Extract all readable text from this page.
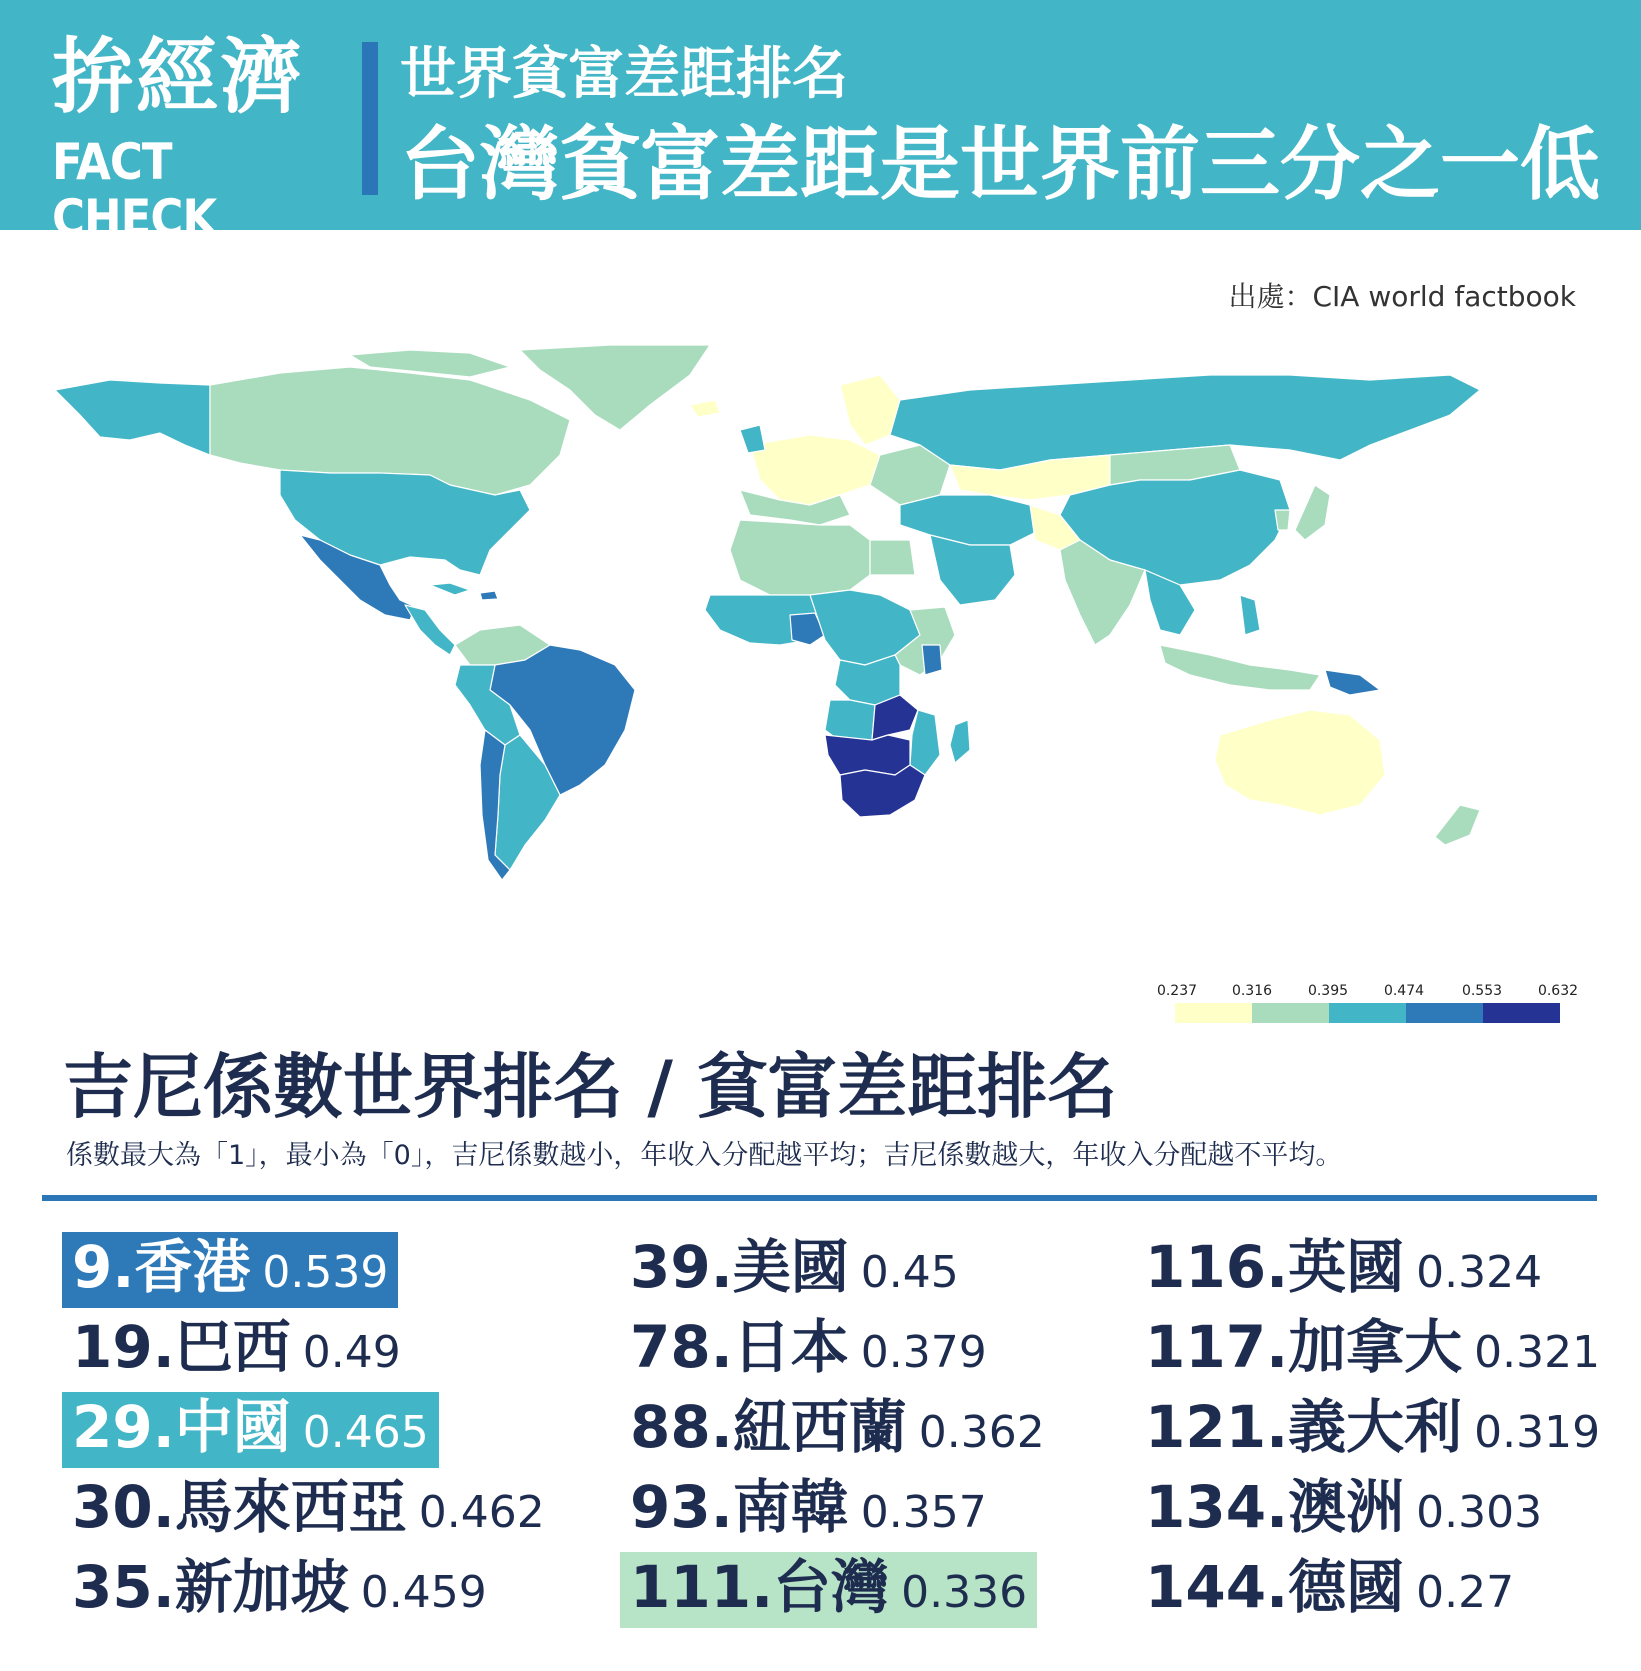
拚經濟
FACT CHECK
世界貧富差距排名
台灣貧富差距是世界前三分之一低
出處：CIA world factbook
0.237 0.316	0.395	0.474	0.553	0.632
吉尼係數世界排名 / 貧富差距排名
係數最大為「1」，最小為「0」，吉尼係數越小，年收入分配越平均；吉尼係數越大，年收入分配越不平均。
9. 香港 0.539
19. 巴西 0.49
29. 中國 0.465
30. 馬來西亞 0.462
35. 新加坡 0.459
39. 美國 0.45
78. 日本 0.379
88. 紐西蘭 0.362
93. 南韓 0.357
111. 台灣 0.336
116. 英國 0.324
117. 加拿大 0.321
121. 義大利 0.319
134. 澳洲 0.303
144. 德國 0.27
